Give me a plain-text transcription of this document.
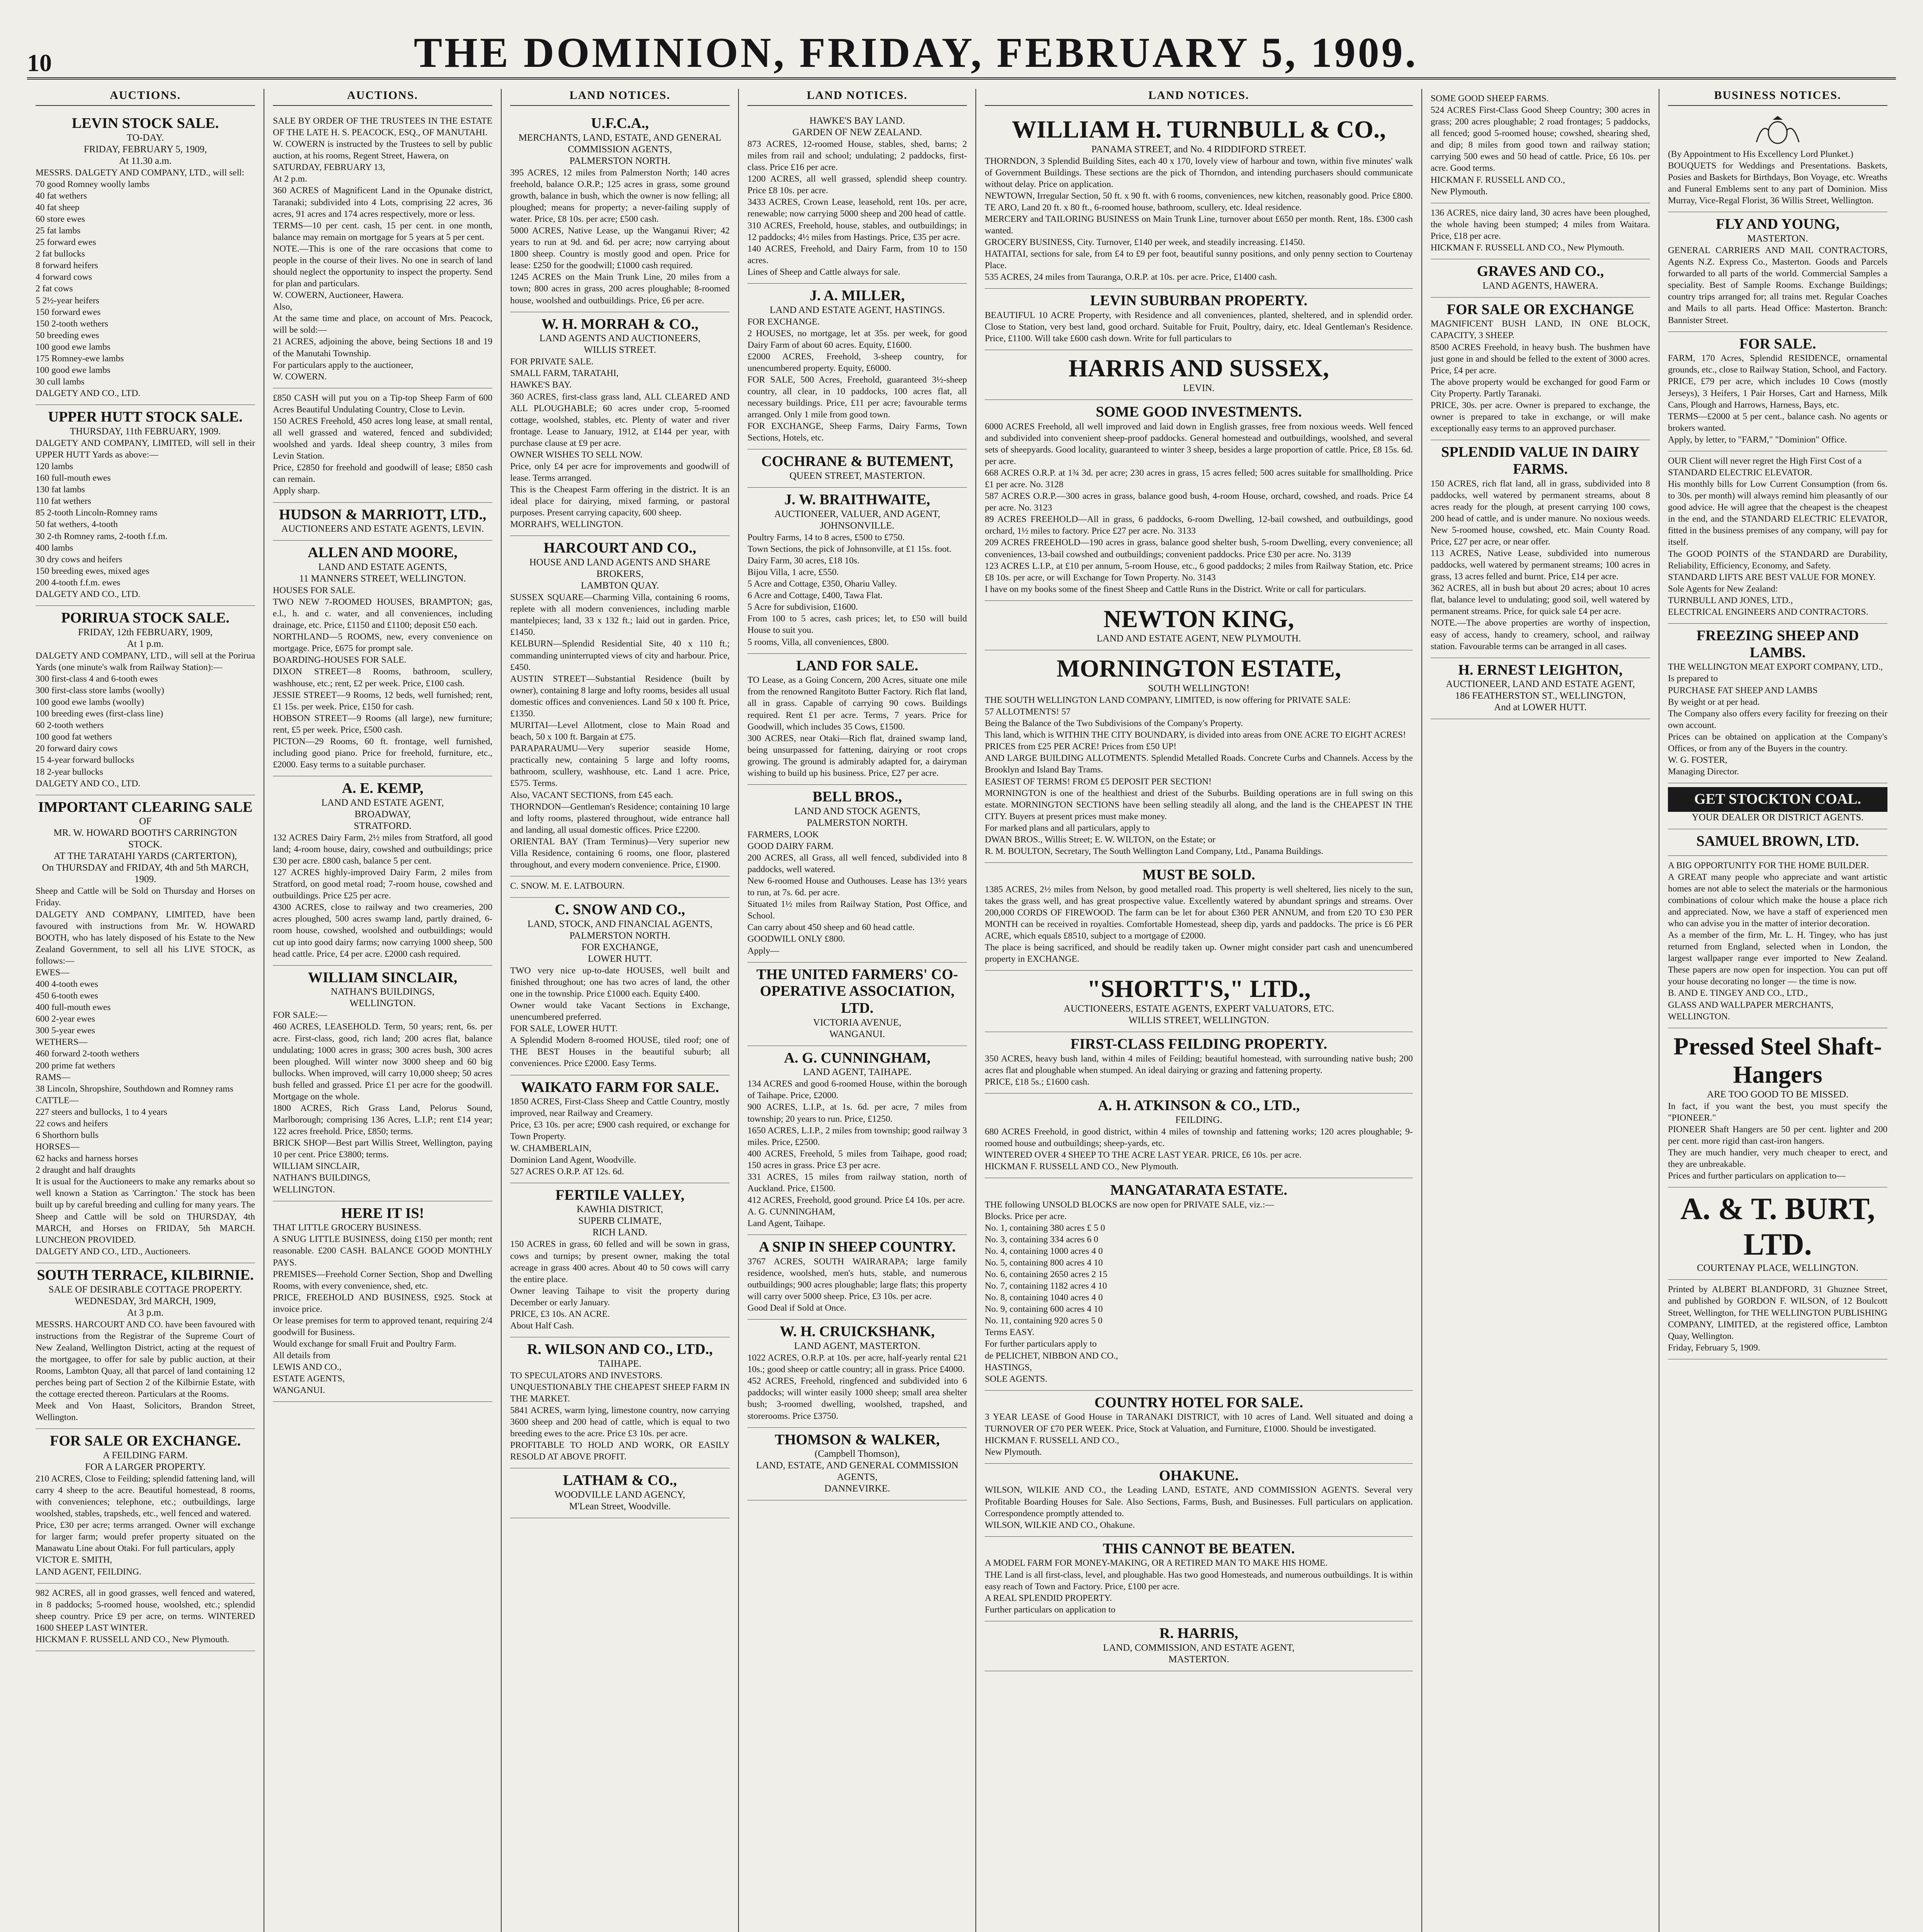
10	THE DOMINION, FRIDAY, FEBRUARY 5, 1909.
AUCTIONS.
LEVIN STOCK SALE.
TO-DAY.
FRIDAY, FEBRUARY 5, 1909,
At 11.30 a.m.
MESSRS. DALGETY AND COMPANY, LTD., will sell:
70 good Romney woolly lambs
40 fat wethers
40 fat sheep
60 store ewes
25 fat lambs
25 forward ewes
2 fat bullocks
8 forward heifers
4 forward cows
2 fat cows
5 2½-year heifers
150 forward ewes
150 2-tooth wethers
50 breeding ewes
100 good ewe lambs
175 Romney-ewe lambs
100 good ewe lambs
30 cull lambs
DALGETY AND CO., LTD.
UPPER HUTT STOCK SALE.
THURSDAY, 11th FEBRUARY, 1909.
DALGETY AND COMPANY, LIMITED, will sell in their UPPER HUTT Yards as above:—
120 lambs
160 full-mouth ewes
130 fat lambs
110 fat wethers
85 2-tooth Lincoln-Romney rams
50 fat wethers, 4-tooth
30 2-th Romney rams, 2-tooth f.f.m.
400 lambs
30 dry cows and heifers
150 breeding ewes, mixed ages
200 4-tooth f.f.m. ewes
DALGETY AND CO., LTD.
PORIRUA STOCK SALE.
FRIDAY, 12th FEBRUARY, 1909,
At 1 p.m.
DALGETY AND COMPANY, LTD., will sell at the Porirua Yards (one minute's walk from Railway Station):—
300 first-class 4 and 6-tooth ewes
300 first-class store lambs (woolly)
100 good ewe lambs (woolly)
100 breeding ewes (first-class line)
60 2-tooth wethers
100 good fat wethers
20 forward dairy cows
15 4-year forward bullocks
18 2-year bullocks
DALGETY AND CO., LTD.
IMPORTANT CLEARING SALE
OF
MR. W. HOWARD BOOTH'S CARRINGTON STOCK.
AT THE TARATAHI YARDS (CARTERTON),
On THURSDAY and FRIDAY, 4th and 5th MARCH, 1909.
Sheep and Cattle will be Sold on Thursday and Horses on Friday.
DALGETY AND COMPANY, LIMITED, have been favoured with instructions from Mr. W. HOWARD BOOTH, who has lately disposed of his Estate to the New Zealand Government, to sell all his LIVE STOCK, as follows:—
EWES—
400 4-tooth ewes
450 6-tooth ewes
400 full-mouth ewes
600 2-year ewes
300 5-year ewes
WETHERS—
460 forward 2-tooth wethers
200 prime fat wethers
RAMS—
38 Lincoln, Shropshire, Southdown and Romney rams
CATTLE—
227 steers and bullocks, 1 to 4 years
22 cows and heifers
6 Shorthorn bulls
HORSES—
62 hacks and harness horses
2 draught and half draughts
It is usual for the Auctioneers to make any remarks about so well known a Station as 'Carrington.' The stock has been built up by careful breeding and culling for many years. The Sheep and Cattle will be sold on THURSDAY, 4th MARCH, and Horses on FRIDAY, 5th MARCH. LUNCHEON PROVIDED.
DALGETY AND CO., LTD., Auctioneers.
SOUTH TERRACE, KILBIRNIE.
SALE OF DESIRABLE COTTAGE PROPERTY.
WEDNESDAY, 3rd MARCH, 1909,
At 3 p.m.
MESSRS. HARCOURT AND CO. have been favoured with instructions from the Registrar of the Supreme Court of New Zealand, Wellington District, acting at the request of the mortgagee, to offer for sale by public auction, at their Rooms, Lambton Quay, all that parcel of land containing 12 perches being part of Section 2 of the Kilbirnie Estate, with the cottage erected thereon. Particulars at the Rooms.
Meek and Von Haast, Solicitors, Brandon Street, Wellington.
FOR SALE OR EXCHANGE.
A FEILDING FARM.
FOR A LARGER PROPERTY.
210 ACRES, Close to Feilding; splendid fattening land, will carry 4 sheep to the acre. Beautiful homestead, 8 rooms, with conveniences; telephone, etc.; outbuildings, large woolshed, stables, trapsheds, etc., well fenced and watered.
Price, £30 per acre; terms arranged. Owner will exchange for larger farm; would prefer property situated on the Manawatu Line about Otaki. For full particulars, apply
VICTOR E. SMITH,
LAND AGENT, FEILDING.
982 ACRES, all in good grasses, well fenced and watered, in 8 paddocks; 5-roomed house, woolshed, etc.; splendid sheep country. Price £9 per acre, on terms. WINTERED 1600 SHEEP LAST WINTER.
HICKMAN F. RUSSELL AND CO., New Plymouth.
AUCTIONS.
SALE BY ORDER OF THE TRUSTEES IN THE ESTATE OF THE LATE H. S. PEACOCK, ESQ., OF MANUTAHI.
W. COWERN is instructed by the Trustees to sell by public auction, at his rooms, Regent Street, Hawera, on
SATURDAY, FEBRUARY 13,
At 2 p.m.
360 ACRES of Magnificent Land in the Opunake district, Taranaki; subdivided into 4 Lots, comprising 22 acres, 36 acres, 91 acres and 174 acres respectively, more or less.
TERMS—10 per cent. cash, 15 per cent. in one month, balance may remain on mortgage for 5 years at 5 per cent.
NOTE.—This is one of the rare occasions that come to people in the course of their lives. No one in search of land should neglect the opportunity to inspect the property. Send for plan and particulars.
W. COWERN, Auctioneer, Hawera.
Also,
At the same time and place, on account of Mrs. Peacock, will be sold:—
21 ACRES, adjoining the above, being Sections 18 and 19 of the Manutahi Township.
For particulars apply to the auctioneer,
W. COWERN.
£850 CASH will put you on a Tip-top Sheep Farm of 600 Acres Beautiful Undulating Country, Close to Levin.
150 ACRES Freehold, 450 acres long lease, at small rental, all well grassed and watered, fenced and subdivided; woolshed and yards. Ideal sheep country, 3 miles from Levin Station.
Price, £2850 for freehold and goodwill of lease; £850 cash can remain.
Apply sharp.
HUDSON & MARRIOTT, LTD.,
AUCTIONEERS AND ESTATE AGENTS, LEVIN.
ALLEN AND MOORE,
LAND AND ESTATE AGENTS,
11 MANNERS STREET, WELLINGTON.
HOUSES FOR SALE.
TWO NEW 7-ROOMED HOUSES, BRAMPTON; gas, e.l., h. and c. water, and all conveniences, including drainage, etc. Price, £1150 and £1100; deposit £50 each.
NORTHLAND—5 ROOMS, new, every convenience on mortgage. Price, £675 for prompt sale.
BOARDING-HOUSES FOR SALE.
DIXON STREET—8 Rooms, bathroom, scullery, washhouse, etc.; rent, £2 per week. Price, £100 cash.
JESSIE STREET—9 Rooms, 12 beds, well furnished; rent, £1 15s. per week. Price, £150 for cash.
HOBSON STREET—9 Rooms (all large), new furniture; rent, £5 per week. Price, £500 cash.
PICTON—29 Rooms, 60 ft. frontage, well furnished, including good piano. Price for freehold, furniture, etc., £2000. Easy terms to a suitable purchaser.
A. E. KEMP,
LAND AND ESTATE AGENT,
BROADWAY,
STRATFORD.
132 ACRES Dairy Farm, 2½ miles from Stratford, all good land; 4-room house, dairy, cowshed and outbuildings; price £30 per acre. £800 cash, balance 5 per cent.
127 ACRES highly-improved Dairy Farm, 2 miles from Stratford, on good metal road; 7-room house, cowshed and outbuildings. Price £25 per acre.
4300 ACRES, close to railway and two creameries, 200 acres ploughed, 500 acres swamp land, partly drained, 6-room house, cowshed, woolshed and outbuildings; would cut up into good dairy farms; now carrying 1000 sheep, 500 head cattle. Price, £4 per acre. £2000 cash required.
WILLIAM SINCLAIR,
NATHAN'S BUILDINGS,
WELLINGTON.
FOR SALE:—
460 ACRES, LEASEHOLD. Term, 50 years; rent, 6s. per acre. First-class, good, rich land; 200 acres flat, balance undulating; 1000 acres in grass; 300 acres bush, 300 acres been ploughed. Will winter now 3000 sheep and 60 big bullocks. When improved, will carry 10,000 sheep; 50 acres bush felled and grassed. Price £1 per acre for the goodwill. Mortgage on the whole.
1800 ACRES, Rich Grass Land, Pelorus Sound, Marlborough; comprising 136 Acres, L.I.P.; rent £14 year; 122 acres freehold. Price, £850; terms.
BRICK SHOP—Best part Willis Street, Wellington, paying 10 per cent. Price £3800; terms.
WILLIAM SINCLAIR,
NATHAN'S BUILDINGS,
WELLINGTON.
HERE IT IS!
THAT LITTLE GROCERY BUSINESS.
A SNUG LITTLE BUSINESS, doing £150 per month; rent reasonable. £200 CASH. BALANCE GOOD MONTHLY PAYS.
PREMISES—Freehold Corner Section, Shop and Dwelling Rooms, with every convenience, shed, etc.
PRICE, FREEHOLD AND BUSINESS, £925. Stock at invoice price.
Or lease premises for term to approved tenant, requiring 2/4 goodwill for Business.
Would exchange for small Fruit and Poultry Farm.
All details from
LEWIS AND CO.,
ESTATE AGENTS,
WANGANUI.
LAND NOTICES.
U.F.C.A.,
MERCHANTS, LAND, ESTATE, AND GENERAL COMMISSION AGENTS,
PALMERSTON NORTH.
395 ACRES, 12 miles from Palmerston North; 140 acres freehold, balance O.R.P.; 125 acres in grass, some ground growth, balance in bush, which the owner is now felling; all ploughed; means for property; a never-failing supply of water. Price, £8 10s. per acre; £500 cash.
5000 ACRES, Native Lease, up the Wanganui River; 42 years to run at 9d. and 6d. per acre; now carrying about 1800 sheep. Country is mostly good and open. Price for lease: £250 for the goodwill; £1000 cash required.
1245 ACRES on the Main Trunk Line, 20 miles from a town; 800 acres in grass, 200 acres ploughable; 8-roomed house, woolshed and outbuildings. Price, £6 per acre.
W. H. MORRAH & CO.,
LAND AGENTS AND AUCTIONEERS,
WILLIS STREET.
FOR PRIVATE SALE.
SMALL FARM, TARATAHI,
HAWKE'S BAY.
360 ACRES, first-class grass land, ALL CLEARED AND ALL PLOUGHABLE; 60 acres under crop, 5-roomed cottage, woolshed, stables, etc. Plenty of water and river frontage. Lease to January, 1912, at £144 per year, with purchase clause at £9 per acre.
OWNER WISHES TO SELL NOW.
Price, only £4 per acre for improvements and goodwill of lease. Terms arranged.
This is the Cheapest Farm offering in the district. It is an ideal place for dairying, mixed farming, or pastoral purposes. Present carrying capacity, 600 sheep.
MORRAH'S, WELLINGTON.
HARCOURT AND CO.,
HOUSE AND LAND AGENTS AND SHARE BROKERS,
LAMBTON QUAY.
SUSSEX SQUARE—Charming Villa, containing 6 rooms, replete with all modern conveniences, including marble mantelpieces; land, 33 x 132 ft.; laid out in garden. Price, £1450.
KELBURN—Splendid Residential Site, 40 x 110 ft.; commanding uninterrupted views of city and harbour. Price, £450.
AUSTIN STREET—Substantial Residence (built by owner), containing 8 large and lofty rooms, besides all usual domestic offices and conveniences. Land 50 x 100 ft. Price, £1350.
MURITAI—Level Allotment, close to Main Road and beach, 50 x 100 ft. Bargain at £75.
PARAPARAUMU—Very superior seaside Home, practically new, containing 5 large and lofty rooms, bathroom, scullery, washhouse, etc. Land 1 acre. Price, £575. Terms.
Also, VACANT SECTIONS, from £45 each.
THORNDON—Gentleman's Residence; containing 10 large and lofty rooms, plastered throughout, wide entrance hall and landing, all usual domestic offices. Price £2200.
ORIENTAL BAY (Tram Terminus)—Very superior new Villa Residence, containing 6 rooms, one floor, plastered throughout, and every modern convenience. Price, £1900.
C. SNOW. M. E. LATBOURN.
C. SNOW AND CO.,
LAND, STOCK, AND FINANCIAL AGENTS,
PALMERSTON NORTH.
FOR EXCHANGE,
LOWER HUTT.
TWO very nice up-to-date HOUSES, well built and finished throughout; one has two acres of land, the other one in the township. Price £1000 each. Equity £400.
Owner would take Vacant Sections in Exchange, unencumbered preferred.
FOR SALE, LOWER HUTT.
A Splendid Modern 8-roomed HOUSE, tiled roof; one of THE BEST Houses in the beautiful suburb; all conveniences. Price £2000. Easy Terms.
WAIKATO FARM FOR SALE.
1850 ACRES, First-Class Sheep and Cattle Country, mostly improved, near Railway and Creamery.
Price, £3 10s. per acre; £900 cash required, or exchange for Town Property.
W. CHAMBERLAIN,
Dominion Land Agent, Woodville.
527 ACRES O.R.P. AT 12s. 6d.
FERTILE VALLEY,
KAWHIA DISTRICT,
SUPERB CLIMATE,
RICH LAND.
150 ACRES in grass, 60 felled and will be sown in grass, cows and turnips; by present owner, making the total acreage in grass 400 acres. About 40 to 50 cows will carry the entire place.
Owner leaving Taihape to visit the property during December or early January.
PRICE, £3 10s. AN ACRE.
About Half Cash.
R. WILSON AND CO., LTD.,
TAIHAPE.
TO SPECULATORS AND INVESTORS.
UNQUESTIONABLY THE CHEAPEST SHEEP FARM IN THE MARKET.
5841 ACRES, warm lying, limestone country, now carrying 3600 sheep and 200 head of cattle, which is equal to two breeding ewes to the acre. Price £3 10s. per acre.
PROFITABLE TO HOLD AND WORK, OR EASILY RESOLD AT ABOVE PROFIT.
LATHAM & CO.,
WOODVILLE LAND AGENCY,
M'Lean Street, Woodville.
LAND NOTICES.
HAWKE'S BAY LAND.
GARDEN OF NEW ZEALAND.
873 ACRES, 12-roomed House, stables, shed, barns; 2 miles from rail and school; undulating; 2 paddocks, first-class. Price £16 per acre.
1200 ACRES, all well grassed, splendid sheep country. Price £8 10s. per acre.
3433 ACRES, Crown Lease, leasehold, rent 10s. per acre, renewable; now carrying 5000 sheep and 200 head of cattle.
310 ACRES, Freehold, house, stables, and outbuildings; in 12 paddocks; 4½ miles from Hastings. Price, £35 per acre.
140 ACRES, Freehold, and Dairy Farm, from 10 to 150 acres.
Lines of Sheep and Cattle always for sale.
J. A. MILLER,
LAND AND ESTATE AGENT, HASTINGS.
FOR EXCHANGE.
2 HOUSES, no mortgage, let at 35s. per week, for good Dairy Farm of about 60 acres. Equity, £1600.
£2000 ACRES, Freehold, 3-sheep country, for unencumbered property. Equity, £6000.
FOR SALE, 500 Acres, Freehold, guaranteed 3½-sheep country, all clear, in 10 paddocks, 100 acres flat, all necessary buildings. Price, £11 per acre; favourable terms arranged. Only 1 mile from good town.
FOR EXCHANGE, Sheep Farms, Dairy Farms, Town Sections, Hotels, etc.
COCHRANE & BUTEMENT,
QUEEN STREET, MASTERTON.
J. W. BRAITHWAITE,
AUCTIONEER, VALUER, AND AGENT,
JOHNSONVILLE.
Poultry Farms, 14 to 8 acres, £500 to £750.
Town Sections, the pick of Johnsonville, at £1 15s. foot.
Dairy Farm, 30 acres, £18 10s.
Bijou Villa, 1 acre, £550.
5 Acre and Cottage, £350, Ohariu Valley.
6 Acre and Cottage, £400, Tawa Flat.
5 Acre for subdivision, £1600.
From 100 to 5 acres, cash prices; let, to £50 will build House to suit you.
5 rooms, Villa, all conveniences, £800.
LAND FOR SALE.
TO Lease, as a Going Concern, 200 Acres, situate one mile from the renowned Rangitoto Butter Factory. Rich flat land, all in grass. Capable of carrying 90 cows. Buildings required. Rent £1 per acre. Terms, 7 years. Price for Goodwill, which includes 35 Cows, £1500.
300 ACRES, near Otaki—Rich flat, drained swamp land, being unsurpassed for fattening, dairying or root crops growing. The ground is admirably adapted for, a dairyman wishing to build up his business. Price, £27 per acre.
BELL BROS.,
LAND AND STOCK AGENTS,
PALMERSTON NORTH.
FARMERS, LOOK
GOOD DAIRY FARM.
200 ACRES, all Grass, all well fenced, subdivided into 8 paddocks, well watered.
New 6-roomed House and Outhouses. Lease has 13½ years to run, at 7s. 6d. per acre.
Situated 1½ miles from Railway Station, Post Office, and School.
Can carry about 450 sheep and 60 head cattle.
GOODWILL ONLY £800.
Apply—
THE UNITED FARMERS' CO-OPERATIVE ASSOCIATION, LTD.
VICTORIA AVENUE,
WANGANUI.
A. G. CUNNINGHAM,
LAND AGENT, TAIHAPE.
134 ACRES and good 6-roomed House, within the borough of Taihape. Price, £2000.
900 ACRES, L.I.P., at 1s. 6d. per acre, 7 miles from township; 20 years to run. Price, £1250.
1650 ACRES, L.I.P., 2 miles from township; good railway 3 miles. Price, £2500.
400 ACRES, Freehold, 5 miles from Taihape, good road; 150 acres in grass. Price £3 per acre.
331 ACRES, 15 miles from railway station, north of Auckland. Price, £1500.
412 ACRES, Freehold, good ground. Price £4 10s. per acre.
A. G. CUNNINGHAM,
Land Agent, Taihape.
A SNIP IN SHEEP COUNTRY.
3767 ACRES, SOUTH WAIRARAPA; large family residence, woolshed, men's huts, stable, and numerous outbuildings; 900 acres ploughable; large flats; this property will carry over 5000 sheep. Price, £3 10s. per acre.
Good Deal if Sold at Once.
W. H. CRUICKSHANK,
LAND AGENT, MASTERTON.
1022 ACRES, O.R.P. at 10s. per acre, half-yearly rental £21 10s.; good sheep or cattle country; all in grass. Price £4000.
452 ACRES, Freehold, ringfenced and subdivided into 6 paddocks; will winter easily 1000 sheep; small area shelter bush; 3-roomed dwelling, woolshed, trapshed, and storerooms. Price £3750.
THOMSON & WALKER,
(Campbell Thomson),
LAND, ESTATE, AND GENERAL COMMISSION AGENTS,
DANNEVIRKE.
LAND NOTICES.
WILLIAM H. TURNBULL & CO.,
PANAMA STREET, and No. 4 RIDDIFORD STREET.
THORNDON, 3 Splendid Building Sites, each 40 x 170, lovely view of harbour and town, within five minutes' walk of Government Buildings. These sections are the pick of Thorndon, and intending purchasers should communicate without delay. Price on application.
NEWTOWN, Irregular Section, 50 ft. x 90 ft. with 6 rooms, conveniences, new kitchen, reasonably good. Price £800.
TE ARO, Land 20 ft. x 80 ft., 6-roomed house, bathroom, scullery, etc. Ideal residence.
MERCERY and TAILORING BUSINESS on Main Trunk Line, turnover about £650 per month. Rent, 18s. £300 cash wanted.
GROCERY BUSINESS, City. Turnover, £140 per week, and steadily increasing. £1450.
HATAITAI, sections for sale, from £4 to £9 per foot, beautiful sunny positions, and only penny section to Courtenay Place.
535 ACRES, 24 miles from Tauranga, O.R.P. at 10s. per acre. Price, £1400 cash.
LEVIN SUBURBAN PROPERTY.
BEAUTIFUL 10 ACRE Property, with Residence and all conveniences, planted, sheltered, and in splendid order. Close to Station, very best land, good orchard. Suitable for Fruit, Poultry, dairy, etc. Ideal Gentleman's Residence. Price, £1100. Will take £600 cash down. Write for full particulars to
HARRIS AND SUSSEX,
LEVIN.
SOME GOOD INVESTMENTS.
6000 ACRES Freehold, all well improved and laid down in English grasses, free from noxious weeds. Well fenced and subdivided into convenient sheep-proof paddocks. General homestead and outbuildings, woolshed, and several sets of sheepyards. Good locality, guaranteed to winter 3 sheep, besides a large proportion of cattle. Price, £8 15s. 6d. per acre.
668 ACRES O.R.P. at 1¾ 3d. per acre; 230 acres in grass, 15 acres felled; 500 acres suitable for smallholding. Price £1 per acre. No. 3128
587 ACRES O.R.P.—300 acres in grass, balance good bush, 4-room House, orchard, cowshed, and roads. Price £4 per acre. No. 3123
89 ACRES FREEHOLD—All in grass, 6 paddocks, 6-room Dwelling, 12-bail cowshed, and outbuildings, good orchard, 1½ miles to factory. Price £27 per acre. No. 3133
209 ACRES FREEHOLD—190 acres in grass, balance good shelter bush, 5-room Dwelling, every convenience; all conveniences, 13-bail cowshed and outbuildings; convenient paddocks. Price £30 per acre. No. 3139
123 ACRES L.I.P., at £10 per annum, 5-room House, etc., 6 good paddocks; 2 miles from Railway Station, etc. Price £8 10s. per acre, or will Exchange for Town Property. No. 3143
I have on my books some of the finest Sheep and Cattle Runs in the District. Write or call for particulars.
NEWTON KING,
LAND AND ESTATE AGENT, NEW PLYMOUTH.
MORNINGTON ESTATE,
SOUTH WELLINGTON!
THE SOUTH WELLINGTON LAND COMPANY, LIMITED, is now offering for PRIVATE SALE:
57 ALLOTMENTS! 57
Being the Balance of the Two Subdivisions of the Company's Property.
This land, which is WITHIN THE CITY BOUNDARY, is divided into areas from ONE ACRE TO EIGHT ACRES!
PRICES from £25 PER ACRE! Prices from £50 UP!
AND LARGE BUILDING ALLOTMENTS. Splendid Metalled Roads. Concrete Curbs and Channels. Access by the Brooklyn and Island Bay Trams.
EASIEST OF TERMS! FROM £5 DEPOSIT PER SECTION!
MORNINGTON is one of the healthiest and driest of the Suburbs. Building operations are in full swing on this estate. MORNINGTON SECTIONS have been selling steadily all along, and the land is the CHEAPEST IN THE CITY. Buyers at present prices must make money.
For marked plans and all particulars, apply to
DWAN BROS., Willis Street; E. W. WILTON, on the Estate; or
R. M. BOULTON, Secretary, The South Wellington Land Company, Ltd., Panama Buildings.
MUST BE SOLD.
1385 ACRES, 2½ miles from Nelson, by good metalled road. This property is well sheltered, lies nicely to the sun, takes the grass well, and has great prospective value. Excellently watered by abundant springs and streams. Over 200,000 CORDS OF FIREWOOD. The farm can be let for about £360 PER ANNUM, and from £20 TO £30 PER MONTH can be received in royalties. Comfortable Homestead, sheep dip, yards and paddocks. The price is £6 PER ACRE, which equals £8510, subject to a mortgage of £2000.
The place is being sacrificed, and should be readily taken up. Owner might consider part cash and unencumbered property in EXCHANGE.
"SHORTT'S," LTD.,
AUCTIONEERS, ESTATE AGENTS, EXPERT VALUATORS, ETC.
WILLIS STREET, WELLINGTON.
FIRST-CLASS FEILDING PROPERTY.
350 ACRES, heavy bush land, within 4 miles of Feilding; beautiful homestead, with surrounding native bush; 200 acres flat and ploughable when stumped. An ideal dairying or grazing and fattening property.
PRICE, £18 5s.; £1600 cash.
A. H. ATKINSON & CO., LTD.,
FEILDING.
680 ACRES Freehold, in good district, within 4 miles of township and fattening works; 120 acres ploughable; 9-roomed house and outbuildings; sheep-yards, etc.
WINTERED OVER 4 SHEEP TO THE ACRE LAST YEAR. PRICE, £6 10s. per acre.
HICKMAN F. RUSSELL AND CO., New Plymouth.
MANGATARATA ESTATE.
THE following UNSOLD BLOCKS are now open for PRIVATE SALE, viz.:—
Blocks. Price per acre.
No. 1, containing 380 acres £ 5 0
No. 3, containing 334 acres 6 0
No. 4, containing 1000 acres 4 0
No. 5, containing 800 acres 4 10
No. 6, containing 2650 acres 2 15
No. 7, containing 1182 acres 4 10
No. 8, containing 1040 acres 4 0
No. 9, containing 600 acres 4 10
No. 11, containing 920 acres 5 0
Terms EASY.
For further particulars apply to
de PELICHET, NIBBON AND CO.,
HASTINGS,
SOLE AGENTS.
COUNTRY HOTEL FOR SALE.
3 YEAR LEASE of Good House in TARANAKI DISTRICT, with 10 acres of Land. Well situated and doing a TURNOVER OF £70 PER WEEK. Price, Stock at Valuation, and Furniture, £1000. Should be investigated.
HICKMAN F. RUSSELL AND CO.,
New Plymouth.
OHAKUNE.
WILSON, WILKIE AND CO., the Leading LAND, ESTATE, AND COMMISSION AGENTS. Several very Profitable Boarding Houses for Sale. Also Sections, Farms, Bush, and Businesses. Full particulars on application. Correspondence promptly attended to.
WILSON, WILKIE AND CO., Ohakune.
THIS CANNOT BE BEATEN.
A MODEL FARM FOR MONEY-MAKING, OR A RETIRED MAN TO MAKE HIS HOME.
THE Land is all first-class, level, and ploughable. Has two good Homesteads, and numerous outbuildings. It is within easy reach of Town and Factory. Price, £100 per acre.
A REAL SPLENDID PROPERTY.
Further particulars on application to
R. HARRIS,
LAND, COMMISSION, AND ESTATE AGENT,
MASTERTON.
SOME GOOD SHEEP FARMS.
524 ACRES First-Class Good Sheep Country; 300 acres in grass; 200 acres ploughable; 2 road frontages; 5 paddocks, all fenced; good 5-roomed house; cowshed, shearing shed, and dip; 8 miles from good town and railway station; carrying 500 ewes and 50 head of cattle. Price, £6 10s. per acre. Good terms.
HICKMAN F. RUSSELL AND CO.,
New Plymouth.
136 ACRES, nice dairy land, 30 acres have been ploughed, the whole having been stumped; 4 miles from Waitara. Price, £18 per acre.
HICKMAN F. RUSSELL AND CO., New Plymouth.
GRAVES AND CO.,
LAND AGENTS, HAWERA.
FOR SALE OR EXCHANGE
MAGNIFICENT BUSH LAND, IN ONE BLOCK, CAPACITY, 3 SHEEP.
8500 ACRES Freehold, in heavy bush. The bushmen have just gone in and should be felled to the extent of 3000 acres. Price, £4 per acre.
The above property would be exchanged for good Farm or City Property. Partly Taranaki.
PRICE, 30s. per acre. Owner is prepared to exchange, the owner is prepared to take in exchange, or will make exceptionally easy terms to an approved purchaser.
SPLENDID VALUE IN DAIRY FARMS.
150 ACRES, rich flat land, all in grass, subdivided into 8 paddocks, well watered by permanent streams, about 8 acres ready for the plough, at present carrying 100 cows, 200 head of cattle, and is under manure. No noxious weeds. New 5-roomed house, cowshed, etc. Main County Road. Price, £27 per acre, or near offer.
113 ACRES, Native Lease, subdivided into numerous paddocks, well watered by permanent streams; 100 acres in grass, 13 acres felled and burnt. Price, £14 per acre.
362 ACRES, all in bush but about 20 acres; about 10 acres flat, balance level to undulating; good soil, well watered by permanent streams. Price, for quick sale £4 per acre.
NOTE.—The above properties are worthy of inspection, easy of access, handy to creamery, school, and railway station. Favourable terms can be arranged in all cases.
H. ERNEST LEIGHTON,
AUCTIONEER, LAND AND ESTATE AGENT,
186 FEATHERSTON ST., WELLINGTON,
And at LOWER HUTT.
BUSINESS NOTICES.
(By Appointment to His Excellency Lord Plunket.)
BOUQUETS for Weddings and Presentations. Baskets, Posies and Baskets for Birthdays, Bon Voyage, etc. Wreaths and Funeral Emblems sent to any part of Dominion. Miss Murray, Vice-Regal Florist, 36 Willis Street, Wellington.
FLY AND YOUNG,
MASTERTON.
GENERAL CARRIERS AND MAIL CONTRACTORS, Agents N.Z. Express Co., Masterton. Goods and Parcels forwarded to all parts of the world. Commercial Samples a speciality. Best of Sample Rooms. Exchange Buildings; country trips arranged for; all trains met. Regular Coaches and Mails to all parts. Head Office: Masterton. Branch: Bannister Street.
FOR SALE.
FARM, 170 Acres, Splendid RESIDENCE, ornamental grounds, etc., close to Railway Station, School, and Factory.
PRICE, £79 per acre, which includes 10 Cows (mostly Jerseys), 3 Heifers, 1 Pair Horses, Cart and Harness, Milk Cans, Plough and Harrows, Harness, Bays, etc.
TERMS—£2000 at 5 per cent., balance cash. No agents or brokers wanted.
Apply, by letter, to "FARM," "Dominion" Office.
OUR Client will never regret the High First Cost of a
STANDARD ELECTRIC ELEVATOR.
His monthly bills for Low Current Consumption (from 6s. to 30s. per month) will always remind him pleasantly of our good advice. He will agree that the cheapest is the cheapest in the end, and the STANDARD ELECTRIC ELEVATOR, fitted in the business premises of any company, will pay for itself.
The GOOD POINTS of the STANDARD are Durability, Reliability, Efficiency, Economy, and Safety.
STANDARD LIFTS ARE BEST VALUE FOR MONEY.
Sole Agents for New Zealand:
TURNBULL AND JONES, LTD.,
ELECTRICAL ENGINEERS AND CONTRACTORS.
FREEZING SHEEP AND LAMBS.
THE WELLINGTON MEAT EXPORT COMPANY, LTD.,
Is prepared to
PURCHASE FAT SHEEP AND LAMBS
By weight or at per head.
The Company also offers every facility for freezing on their own account.
Prices can be obtained on application at the Company's Offices, or from any of the Buyers in the country.
W. G. FOSTER,
Managing Director.
GET STOCKTON COAL.
YOUR DEALER OR DISTRICT AGENTS.
SAMUEL BROWN, LTD.
A BIG OPPORTUNITY FOR THE HOME BUILDER.
A GREAT many people who appreciate and want artistic homes are not able to select the materials or the harmonious combinations of colour which make the house a place rich and appreciated. Now, we have a staff of experienced men who can advise you in the matter of interior decoration.
As a member of the firm, Mr. L. H. Tingey, who has just returned from England, selected when in London, the largest wallpaper range ever imported to New Zealand. These papers are now open for inspection. You can put off your house decorating no longer — the time is now.
B. AND E. TINGEY AND CO., LTD.,
GLASS AND WALLPAPER MERCHANTS,
WELLINGTON.
Pressed Steel Shaft-Hangers
ARE TOO GOOD TO BE MISSED.
In fact, if you want the best, you must specify the "PIONEER."
PIONEER Shaft Hangers are 50 per cent. lighter and 200 per cent. more rigid than cast-iron hangers.
They are much handier, very much cheaper to erect, and they are unbreakable.
Prices and further particulars on application to—
A. & T. BURT, LTD.
COURTENAY PLACE, WELLINGTON.
Printed by ALBERT BLANDFORD, 31 Ghuznee Street, and published by GORDON F. WILSON, of 12 Boulcott Street, Wellington, for THE WELLINGTON PUBLISHING COMPANY, LIMITED, at the registered office, Lambton Quay, Wellington.
Friday, February 5, 1909.
